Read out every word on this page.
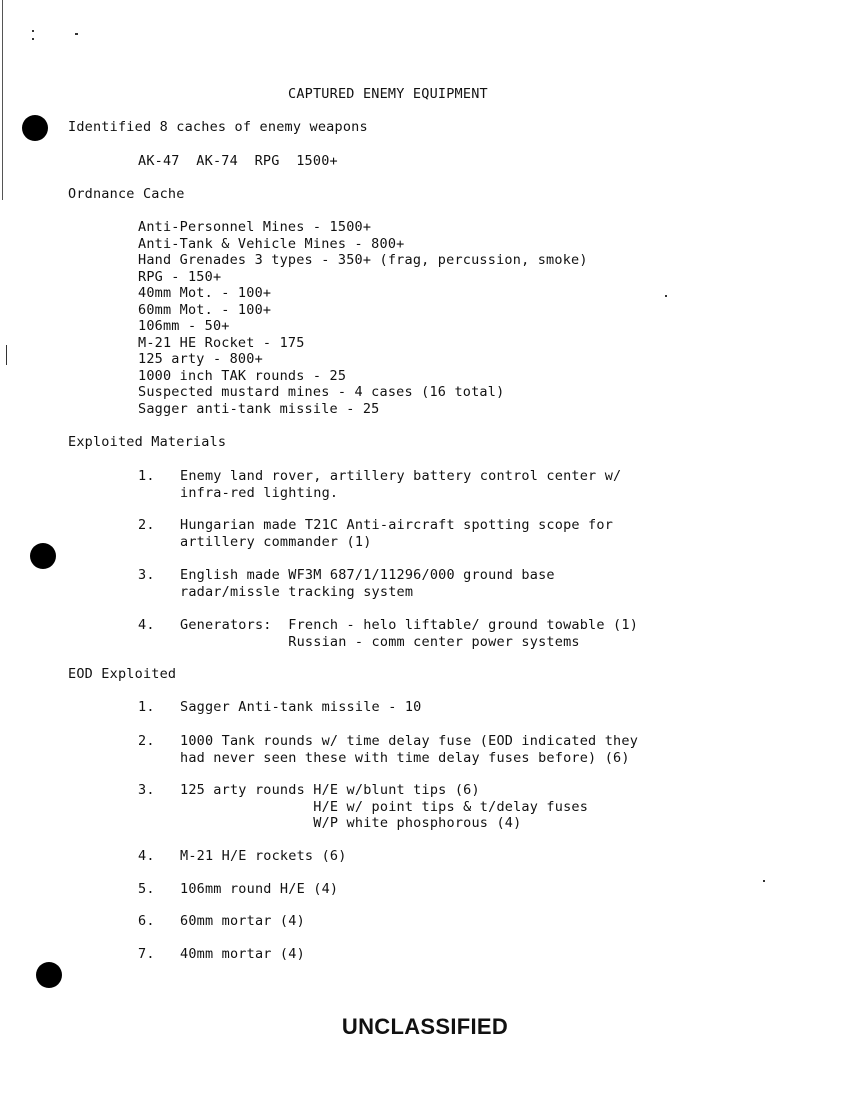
CAPTURED ENEMY EQUIPMENT
Identified 8 caches of enemy weapons
AK-47  AK-74  RPG  1500+
Ordnance Cache
Anti-Personnel Mines - 1500+
Anti-Tank & Vehicle Mines - 800+
Hand Grenades 3 types - 350+ (frag, percussion, smoke)
RPG - 150+
40mm Mot. - 100+
60mm Mot. - 100+
106mm - 50+
M-21 HE Rocket - 175
125 arty - 800+
1000 inch TAK rounds - 25
Suspected mustard mines - 4 cases (16 total)
Sagger anti-tank missile - 25
Exploited Materials
1. Enemy land rover, artillery battery control center w/
infra-red lighting.
2. Hungarian made T21C Anti-aircraft spotting scope for
artillery commander (1)
3. English made WF3M 687/1/11296/000 ground base
radar/missle tracking system
4. Generators:  French - helo liftable/ ground towable (1)
Russian - comm center power systems
EOD Exploited
1. Sagger Anti-tank missile - 10
2. 1000 Tank rounds w/ time delay fuse (EOD indicated they
had never seen these with time delay fuses before) (6)
3. 125 arty rounds H/E w/blunt tips (6)
H/E w/ point tips & t/delay fuses
W/P white phosphorous (4)
4. M-21 H/E rockets (6)
5. 106mm round H/E (4)
6. 60mm mortar (4)
7. 40mm mortar (4)
UNCLASSIFIED
